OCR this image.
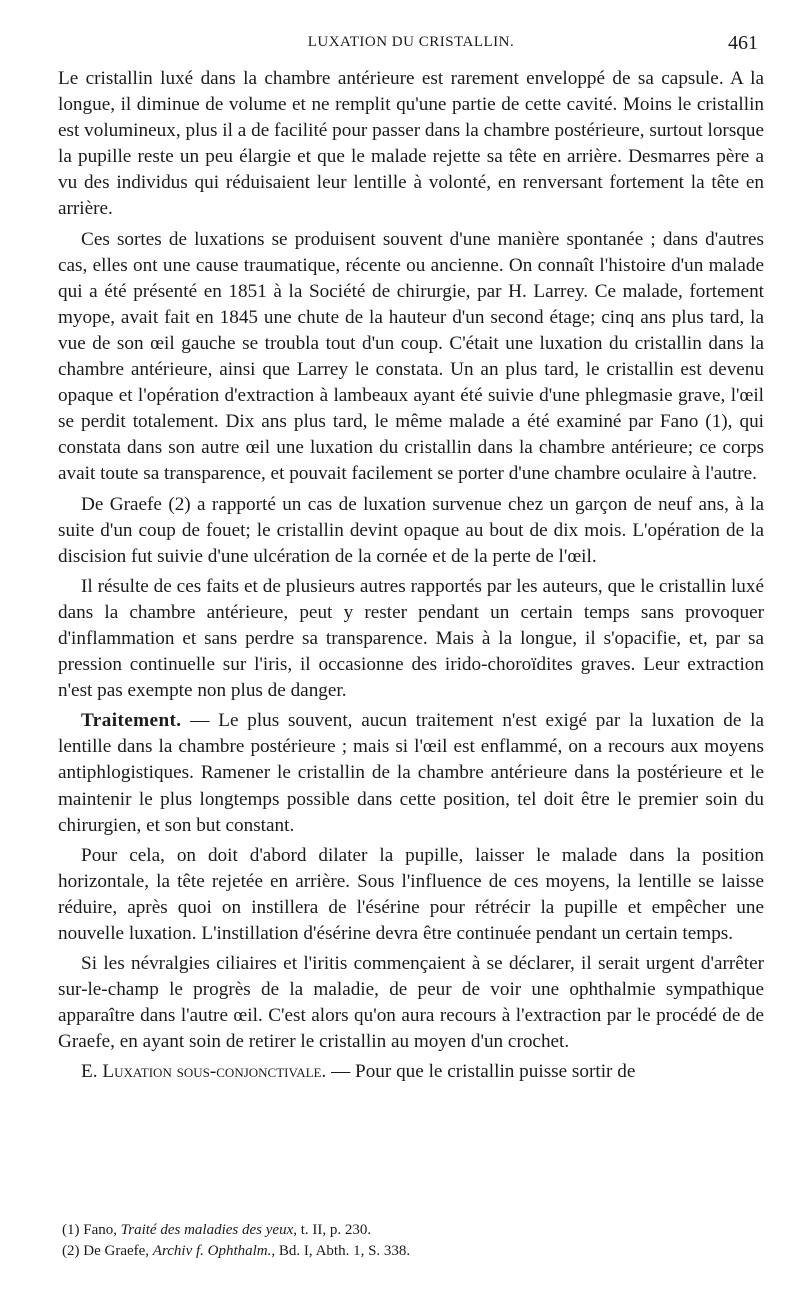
LUXATION DU CRISTALLIN.	461

Le cristallin luxé dans la chambre antérieure est rarement enveloppé de sa capsule. A la longue, il diminue de volume et ne remplit qu'une partie de cette cavité. Moins le cristallin est volumineux, plus il a de facilité pour passer dans la chambre postérieure, surtout lorsque la pupille reste un peu élargie et que le malade rejette sa tête en arrière. Desmarres père a vu des individus qui réduisaient leur lentille à volonté, en renversant fortement la tête en arrière.

Ces sortes de luxations se produisent souvent d'une manière spontanée ; dans d'autres cas, elles ont une cause traumatique, récente ou ancienne. On connaît l'histoire d'un malade qui a été présenté en 1851 à la Société de chirurgie, par H. Larrey. Ce malade, fortement myope, avait fait en 1845 une chute de la hauteur d'un second étage; cinq ans plus tard, la vue de son œil gauche se troubla tout d'un coup. C'était une luxation du cristallin dans la chambre antérieure, ainsi que Larrey le constata. Un an plus tard, le cristallin est devenu opaque et l'opération d'extraction à lambeaux ayant été suivie d'une phlegmasie grave, l'œil se perdit totalement. Dix ans plus tard, le même malade a été examiné par Fano (1), qui constata dans son autre œil une luxation du cristallin dans la chambre antérieure; ce corps avait toute sa transparence, et pouvait facilement se porter d'une chambre oculaire à l'autre.

De Graefe (2) a rapporté un cas de luxation survenue chez un garçon de neuf ans, à la suite d'un coup de fouet; le cristallin devint opaque au bout de dix mois. L'opération de la discision fut suivie d'une ulcération de la cornée et de la perte de l'œil.

Il résulte de ces faits et de plusieurs autres rapportés par les auteurs, que le cristallin luxé dans la chambre antérieure, peut y rester pendant un certain temps sans provoquer d'inflammation et sans perdre sa transparence. Mais à la longue, il s'opacifie, et, par sa pression continuelle sur l'iris, il occasionne des irido-choroïdites graves. Leur extraction n'est pas exempte non plus de danger.

Traitement. — Le plus souvent, aucun traitement n'est exigé par la luxation de la lentille dans la chambre postérieure ; mais si l'œil est enflammé, on a recours aux moyens antiphlogistiques. Ramener le cristallin de la chambre antérieure dans la postérieure et le maintenir le plus longtemps possible dans cette position, tel doit être le premier soin du chirurgien, et son but constant.

Pour cela, on doit d'abord dilater la pupille, laisser le malade dans la position horizontale, la tête rejetée en arrière. Sous l'influence de ces moyens, la lentille se laisse réduire, après quoi on instillera de l'ésérine pour rétrécir la pupille et empêcher une nouvelle luxation. L'instillation d'ésérine devra être continuée pendant un certain temps.

Si les névralgies ciliaires et l'iritis commençaient à se déclarer, il serait urgent d'arrêter sur-le-champ le progrès de la maladie, de peur de voir une ophthalmie sympathique apparaître dans l'autre œil. C'est alors qu'on aura recours à l'extraction par le procédé de de Graefe, en ayant soin de retirer le cristallin au moyen d'un crochet.

E. Luxation sous-conjonctivale. — Pour que le cristallin puisse sortir de

(1) Fano, Traité des maladies des yeux, t. II, p. 230.
(2) De Graefe, Archiv f. Ophthalm., Bd. I, Abth. 1, S. 338.
